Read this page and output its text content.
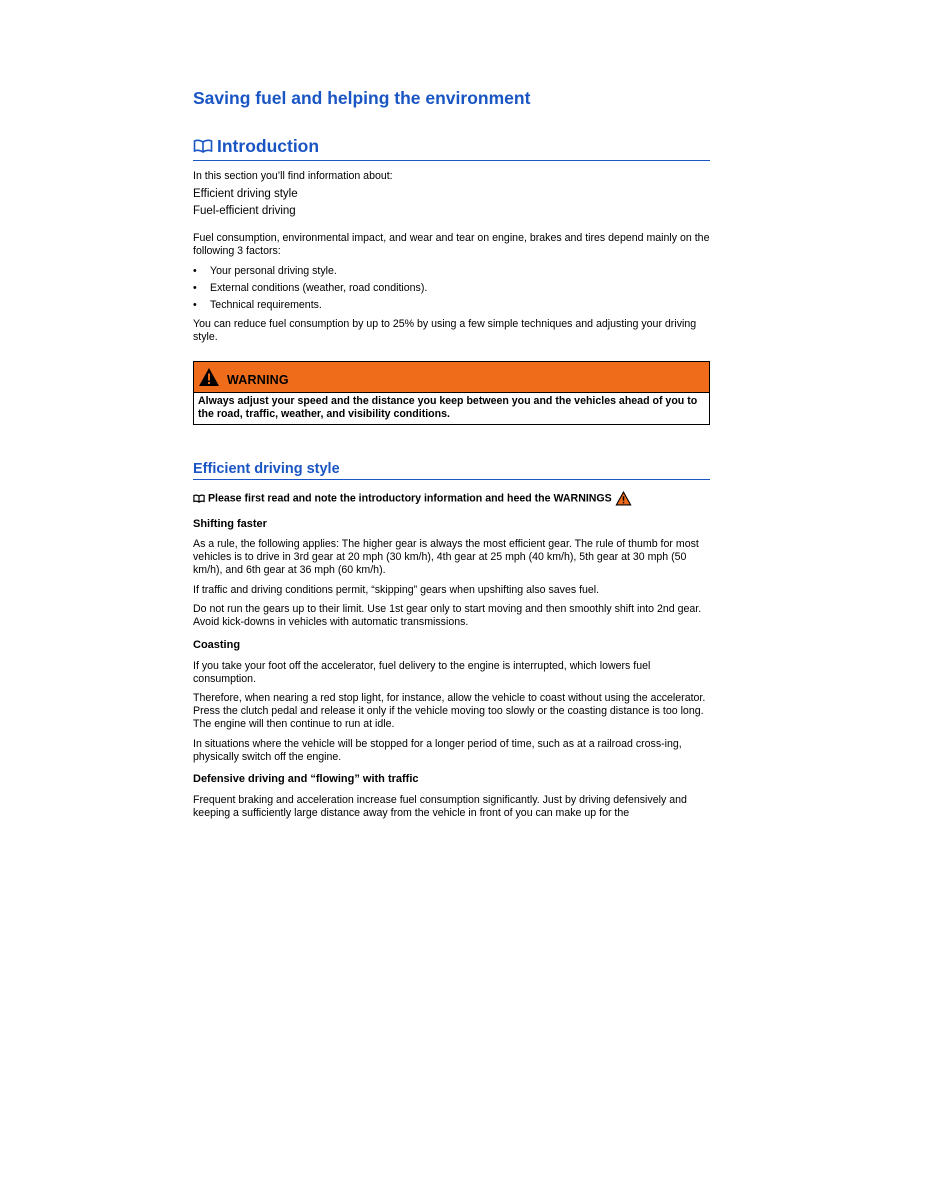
Saving fuel and helping the environment
Introduction

In this section you’ll find information about:

Efficient driving style

Fuel-efficient driving

Fuel consumption, environmental impact, and wear and tear on engine, brakes and tires depend mainly on the following 3 factors:

• Your personal driving style.

• External conditions (weather, road conditions).

• Technical requirements.

You can reduce fuel consumption by up to 25% by using a few simple techniques and adjusting your driving style.

WARNING

Always adjust your speed and the distance you keep between you and the vehicles ahead of you to the road, traffic, weather, and visibility conditions.

Efficient driving style

Please first read and note the introductory information and heed the WARNINGS

Shifting faster

As a rule, the following applies: The higher gear is always the most efficient gear. The rule of thumb for most vehicles is to drive in 3rd gear at 20 mph (30 km/h), 4th gear at 25 mph (40 km/h), 5th gear at 30 mph (50 km/h), and 6th gear at 36 mph (60 km/h).

If traffic and driving conditions permit, “skipping” gears when upshifting also saves fuel.

Do not run the gears up to their limit. Use 1st gear only to start moving and then smoothly shift into 2nd gear. Avoid kick-downs in vehicles with automatic transmissions.

Coasting

If you take your foot off the accelerator, fuel delivery to the engine is interrupted, which lowers fuel consumption.

Therefore, when nearing a red stop light, for instance, allow the vehicle to coast without using the accelerator. Press the clutch pedal and release it only if the vehicle moving too slowly or the coasting distance is too long. The engine will then continue to run at idle.

In situations where the vehicle will be stopped for a longer period of time, such as at a railroad cross-ing, physically switch off the engine.

Defensive driving and “flowing” with traffic

Frequent braking and acceleration increase fuel consumption significantly. Just by driving defensively and keeping a sufficiently large distance away from the vehicle in front of you can make up for the
